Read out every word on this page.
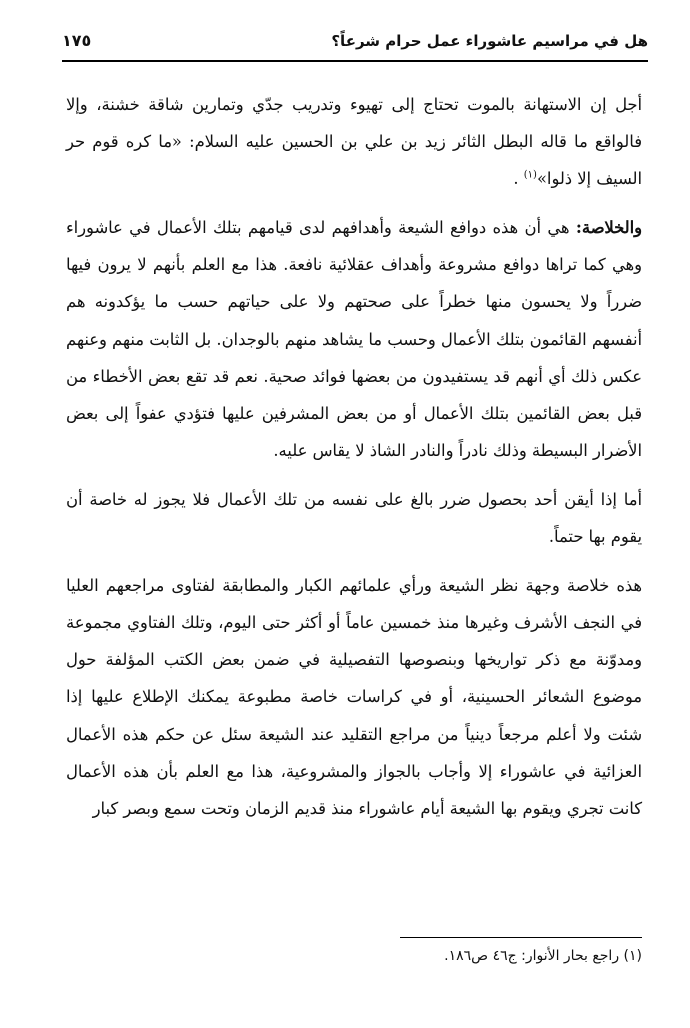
هل في مراسيم عاشوراء عمل حرام شرعاً؟
١٧٥

أجل إن الاستهانة بالموت تحتاج إلى تهيوء وتدريب جدّي وتمارين شاقة خشنة، وإلا فالواقع ما قاله البطل الثائر زيد بن علي بن الحسين عليه السلام: «ما كره قوم حر السيف إلا ذلوا»$^{(١)}$ .

والخلاصة: هي أن هذه دوافع الشيعة وأهدافهم لدى قيامهم بتلك الأعمال في عاشوراء وهي كما تراها دوافع مشروعة وأهداف عقلائية نافعة. هذا مع العلم بأنهم لا يرون فيها ضرراً ولا يحسون منها خطراً على صحتهم ولا على حياتهم حسب ما يؤكدونه هم أنفسهم القائمون بتلك الأعمال وحسب ما يشاهد منهم بالوجدان. بل الثابت منهم وعنهم عكس ذلك أي أنهم قد يستفيدون من بعضها فوائد صحية. نعم قد تقع بعض الأخطاء من قبل بعض القائمين بتلك الأعمال أو من بعض المشرفين عليها فتؤدي عفواً إلى بعض الأضرار البسيطة وذلك نادراً والنادر الشاذ لا يقاس عليه.

أما إذا أيقن أحد بحصول ضرر بالغ على نفسه من تلك الأعمال فلا يجوز له خاصة أن يقوم بها حتماً.

هذه خلاصة وجهة نظر الشيعة ورأي علمائهم الكبار والمطابقة لفتاوى مراجعهم العليا في النجف الأشرف وغيرها منذ خمسين عاماً أو أكثر حتى اليوم، وتلك الفتاوي مجموعة ومدوّنة مع ذكر تواريخها وبنصوصها التفصيلية في ضمن بعض الكتب المؤلفة حول موضوع الشعائر الحسينية، أو في كراسات خاصة مطبوعة يمكنك الإطلاع عليها إذا شئت ولا أعلم مرجعاً دينياً من مراجع التقليد عند الشيعة سئل عن حكم هذه الأعمال العزائية في عاشوراء إلا وأجاب بالجواز والمشروعية، هذا مع العلم بأن هذه الأعمال كانت تجري ويقوم بها الشيعة أيام عاشوراء منذ قديم الزمان وتحت سمع وبصر كبار

(١) راجع بحار الأنوار: ج٤٦ ص١٨٦.
